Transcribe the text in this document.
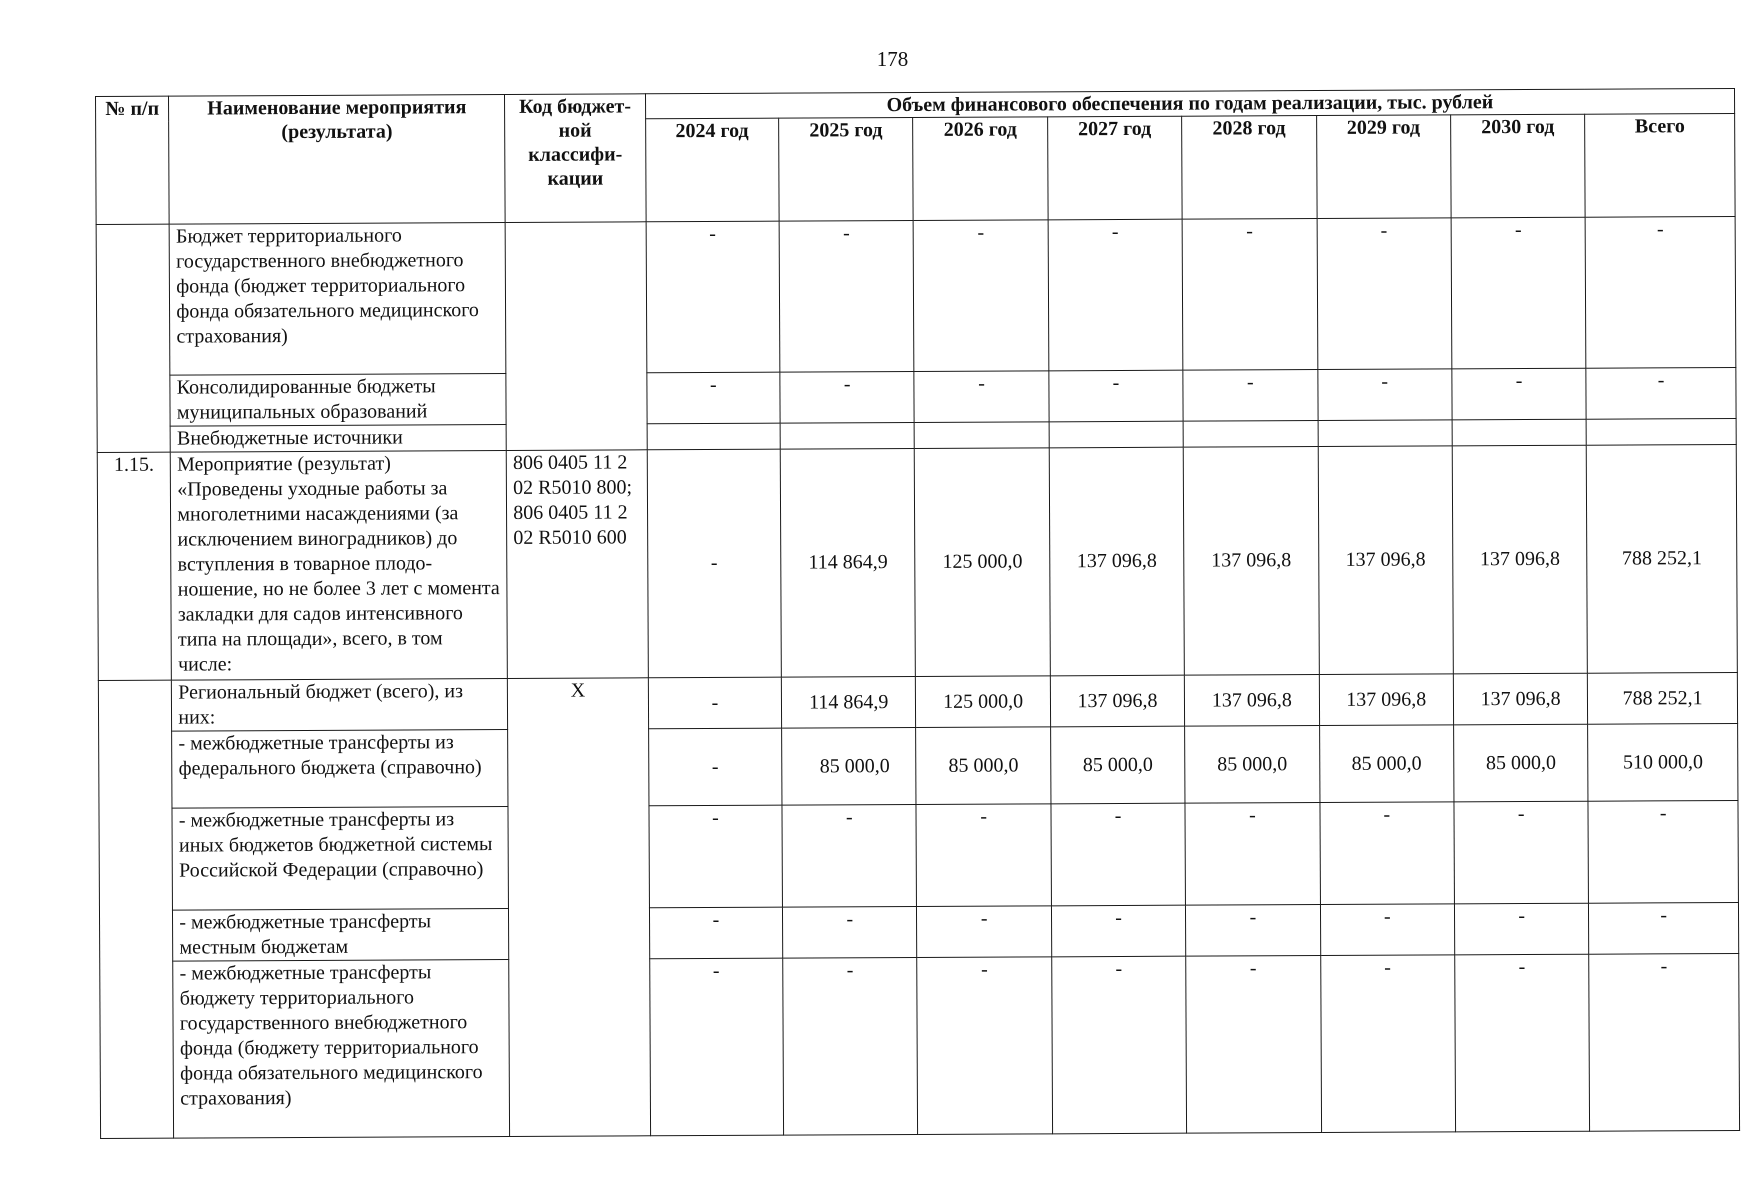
178
№ п/п	Наименование мероприятия (результата)	Код бюджет-ной классифи-кации	Объем финансового обеспечения по годам реализации, тыс. рублей							
			2024 год	2025 год	2026 год	2027 год	2028 год	2029 год	2030 год	Всего
	Бюджет территориального государственного внебюджетного фонда (бюджет территориального фонда обязательного медицинского страхования)		-	-	-	-	-	-	-	-
	Консолидированные бюджеты муниципальных образований		-	-	-	-	-	-	-	-
	Внебюджетные источники									
1.15.	Мероприятие (результат) «Проведены уходные работы за многолетними насаждениями (за исключением виноградников) до вступления в товарное плодо-ношение, но не более 3 лет с момента закладки для садов интенсивного типа на площади», всего, в том числе:	806 0405 11 2 02 R5010 800; 806 0405 11 2 02 R5010 600	-	114 864,9	125 000,0	137 096,8	137 096,8	137 096,8	137 096,8	788 252,1
	Региональный бюджет (всего), из них:	X	-	114 864,9	125 000,0	137 096,8	137 096,8	137 096,8	137 096,8	788 252,1
	- межбюджетные трансферты из федерального бюджета (справочно)		-	85 000,0	85 000,0	85 000,0	85 000,0	85 000,0	85 000,0	510 000,0
	- межбюджетные трансферты из иных бюджетов бюджетной системы Российской Федерации (справочно)		-	-	-	-	-	-	-	-
	- межбюджетные трансферты местным бюджетам		-	-	-	-	-	-	-	-
	- межбюджетные трансферты бюджету территориального государственного внебюджетного фонда (бюджету территориального фонда обязательного медицинского страхования)		-	-	-	-	-	-	-	-
